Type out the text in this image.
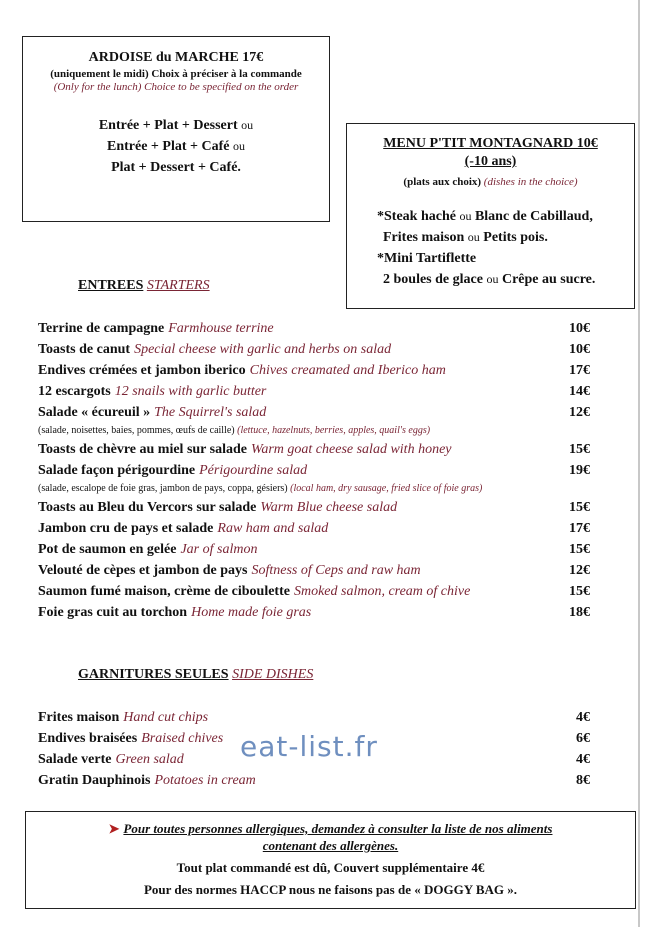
ARDOISE du MARCHE 17€
(uniquement le midi) Choix à préciser à la commande
(Only for the lunch) Choice to be specified on the order
Entrée + Plat + Dessert ou
Entrée + Plat + Café ou
Plat + Dessert + Café.
MENU P'TIT MONTAGNARD 10€
(-10 ans)
(plats aux choix) (dishes in the choice)
*Steak haché ou Blanc de Cabillaud,
Frites maison ou Petits pois.
*Mini Tartiflette
2 boules de glace ou Crêpe au sucre.
ENTREES STARTERS
Terrine de campagne Farmhouse terrine	10€
Toasts de canut Special cheese with garlic and herbs on salad	10€
Endives crémées et jambon iberico Chives creamated and Iberico ham	17€
12 escargots 12 snails with garlic butter	14€
Salade « écureuil » The Squirrel's salad	12€
(salade, noisettes, baies, pommes, œufs de caille) (lettuce, hazelnuts, berries, apples, quail's eggs)
Toasts de chèvre au miel sur salade Warm goat cheese salad with honey	15€
Salade façon périgourdine Périgourdine salad	19€
(salade, escalope de foie gras, jambon de pays, coppa, gésiers) (local ham, dry sausage, fried slice of foie gras)
Toasts au Bleu du Vercors sur salade Warm Blue cheese salad	15€
Jambon cru de pays et salade Raw ham and salad	17€
Pot de saumon en gelée Jar of salmon	15€
Velouté de cèpes et jambon de pays Softness of Ceps and raw ham	12€
Saumon fumé maison, crème de ciboulette Smoked salmon, cream of chive	15€
Foie gras cuit au torchon Home made foie gras	18€
GARNITURES SEULES SIDE DISHES
Frites maison Hand cut chips	4€
Endives braisées Braised chives	6€
Salade verte Green salad	4€
Gratin Dauphinois Potatoes in cream	8€
eat-list.fr
➤ Pour toutes personnes allergiques, demandez à consulter la liste de nos aliments
contenant des allergènes.
Tout plat commandé est dû, Couvert supplémentaire 4€
Pour des normes HACCP nous ne faisons pas de « DOGGY BAG ».
